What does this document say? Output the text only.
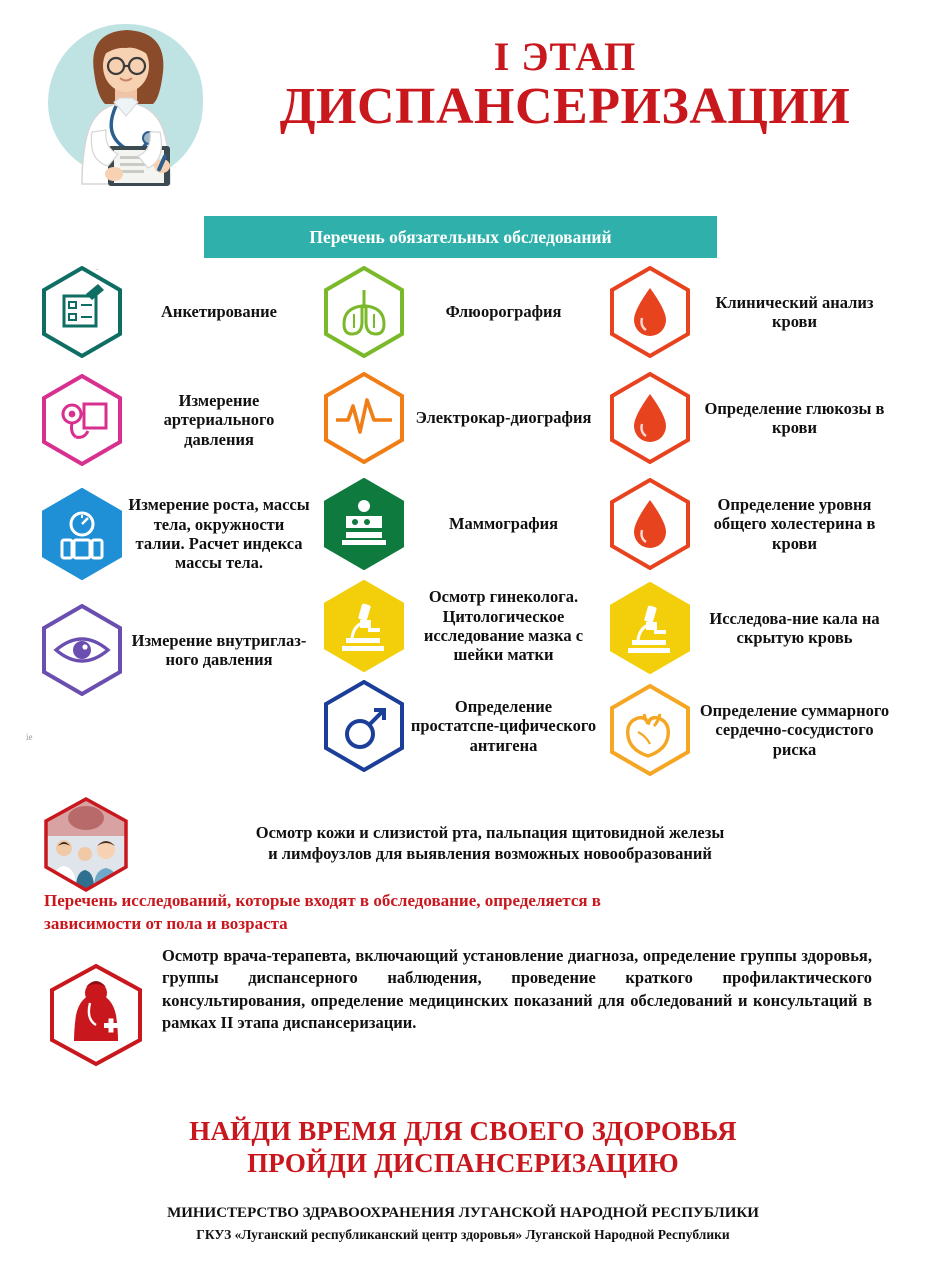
I ЭТАП
ДИСПАНСЕРИЗАЦИИ
Перечень обязательных обследований
Анкетирование
Измерение артериального давления
Измерение роста, массы тела, окружности талии. Расчет индекса массы тела.
Измерение внутриглаз-ного давления
Флюорография
Электрокар-диография
Маммография
Осмотр гинеколога. Цитологическое исследование мазка с шейки матки
Определение простатспе-цифического антигена
Клинический анализ крови
Определение глюкозы в крови
Определение уровня общего холестерина в крови
Исследова-ние кала на скрытую кровь
Определение суммарного сердечно-сосудистого риска
Осмотр кожи и слизистой рта, пальпация щитовидной железы
и лимфоузлов для выявления возможных новообразований
Перечень исследований, которые входят в обследование, определяется в
зависимости от пола и возраста
Осмотр врача-терапевта, включающий установление диагноза, определение группы здоровья, группы диспансерного наблюдения, проведение краткого профилактического консультирования, определение медицинских показаний для обследований и консультаций в рамках II этапа диспансеризации.
НАЙДИ ВРЕМЯ ДЛЯ СВОЕГО ЗДОРОВЬЯ
ПРОЙДИ ДИСПАНСЕРИЗАЦИЮ
МИНИСТЕРСТВО ЗДРАВООХРАНЕНИЯ ЛУГАНСКОЙ НАРОДНОЙ РЕСПУБЛИКИ
ГКУЗ «Луганский республиканский центр здоровья» Луганской Народной Республики
.
ie
